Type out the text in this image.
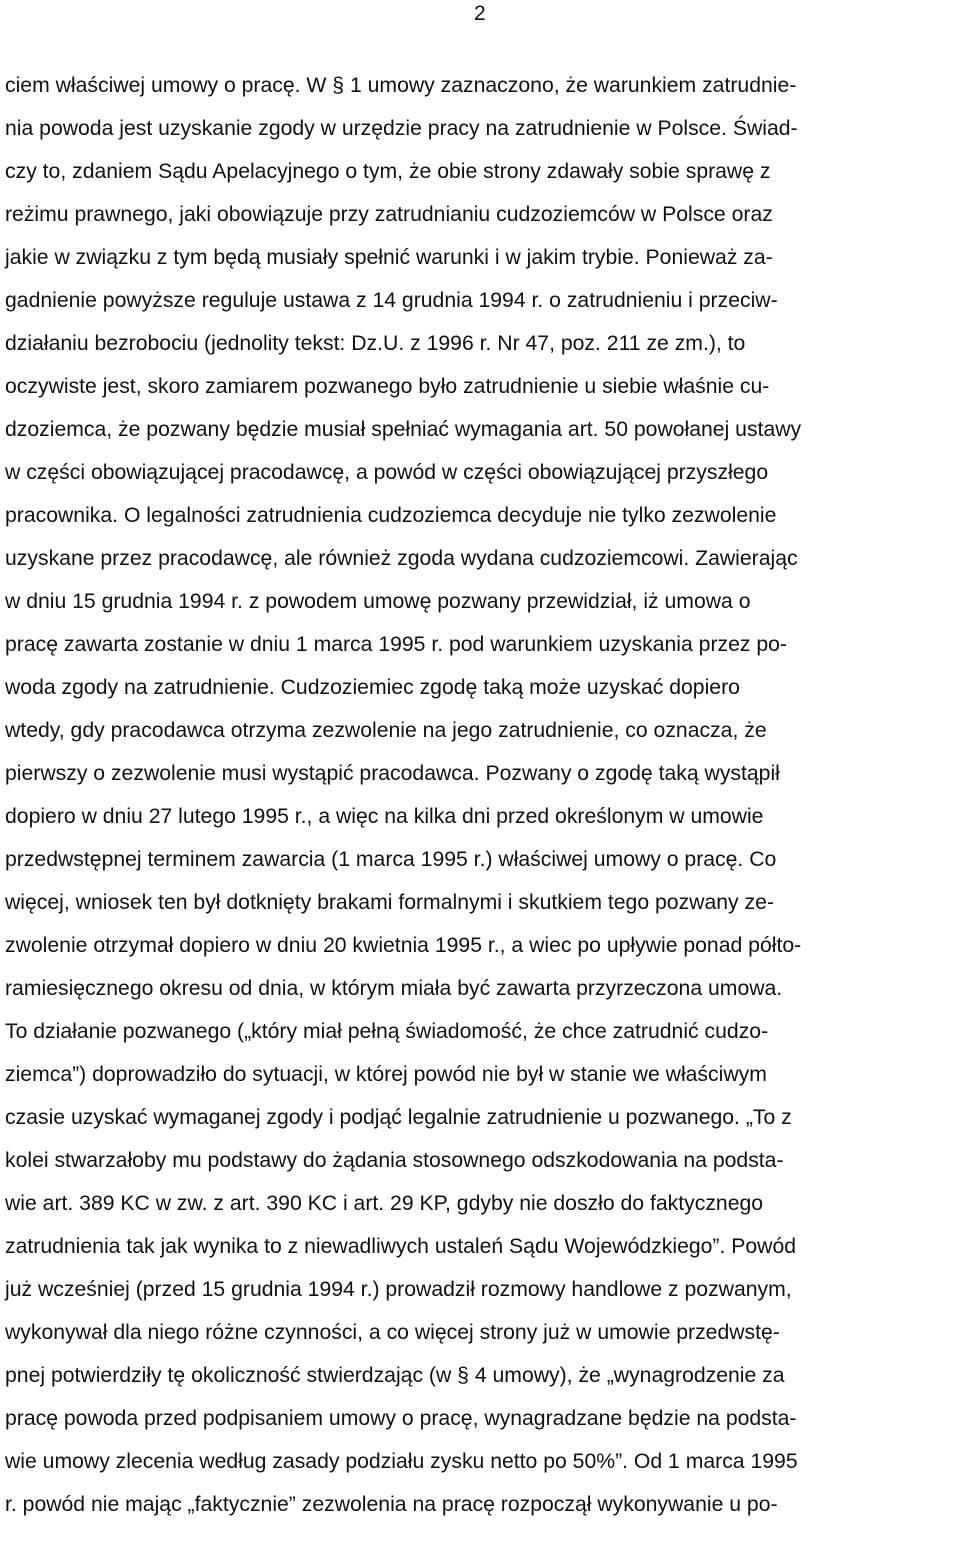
2
ciem właściwej umowy o pracę. W § 1 umowy zaznaczono, że warunkiem zatrudnie-
nia powoda jest uzyskanie zgody w urzędzie pracy na zatrudnienie w Polsce. Świad-
czy to, zdaniem Sądu Apelacyjnego o tym, że obie strony zdawały sobie sprawę z
reżimu prawnego, jaki obowiązuje przy zatrudnianiu cudzoziemców w Polsce oraz
jakie w związku z tym będą musiały spełnić warunki i w jakim trybie. Ponieważ za-
gadnienie powyższe reguluje ustawa z 14 grudnia 1994 r. o zatrudnieniu i przeciw-
działaniu bezrobociu (jednolity tekst: Dz.U. z 1996 r. Nr 47, poz. 211 ze zm.), to
oczywiste jest, skoro zamiarem pozwanego było zatrudnienie u siebie właśnie cu-
dzoziemca, że pozwany będzie musiał spełniać wymagania art. 50 powołanej ustawy
w części obowiązującej pracodawcę, a powód w części obowiązującej przyszłego
pracownika. O legalności zatrudnienia cudzoziemca decyduje nie tylko zezwolenie
uzyskane przez pracodawcę, ale również zgoda wydana cudzoziemcowi. Zawierając
w dniu 15 grudnia 1994 r. z powodem umowę pozwany przewidział, iż umowa o
pracę zawarta zostanie w dniu 1 marca 1995 r. pod warunkiem uzyskania przez po-
woda zgody na zatrudnienie. Cudzoziemiec zgodę taką może uzyskać dopiero
wtedy, gdy pracodawca otrzyma zezwolenie na jego zatrudnienie, co oznacza, że
pierwszy o zezwolenie musi wystąpić pracodawca. Pozwany o zgodę taką wystąpił
dopiero w dniu 27 lutego 1995 r., a więc na kilka dni przed określonym w umowie
przedwstępnej terminem zawarcia (1 marca 1995 r.) właściwej umowy o pracę. Co
więcej, wniosek ten był dotknięty brakami formalnymi i skutkiem tego pozwany ze-
zwolenie otrzymał dopiero w dniu 20 kwietnia 1995 r., a wiec po upływie ponad półto-
ramiesięcznego okresu od dnia, w którym miała być zawarta przyrzeczona umowa.
To działanie pozwanego („który miał pełną świadomość, że chce zatrudnić cudzo-
ziemca”) doprowadziło do sytuacji, w której powód nie był w stanie we właściwym
czasie uzyskać wymaganej zgody i podjąć legalnie zatrudnienie u pozwanego. „To z
kolei stwarzałoby mu podstawy do żądania stosownego odszkodowania na podsta-
wie art. 389 KC w zw. z art. 390 KC i art. 29 KP, gdyby nie doszło do faktycznego
zatrudnienia tak jak wynika to z niewadliwych ustaleń Sądu Wojewódzkiego”. Powód
już wcześniej (przed 15 grudnia 1994 r.) prowadził rozmowy handlowe z pozwanym,
wykonywał dla niego różne czynności, a co więcej strony już w umowie przedwstę-
pnej potwierdziły tę okoliczność stwierdzając (w § 4 umowy), że „wynagrodzenie za
pracę powoda przed podpisaniem umowy o pracę, wynagradzane będzie na podsta-
wie umowy zlecenia według zasady podziału zysku netto po 50%”. Od 1 marca 1995
r. powód nie mając „faktycznie” zezwolenia na pracę rozpoczął wykonywanie u po-
